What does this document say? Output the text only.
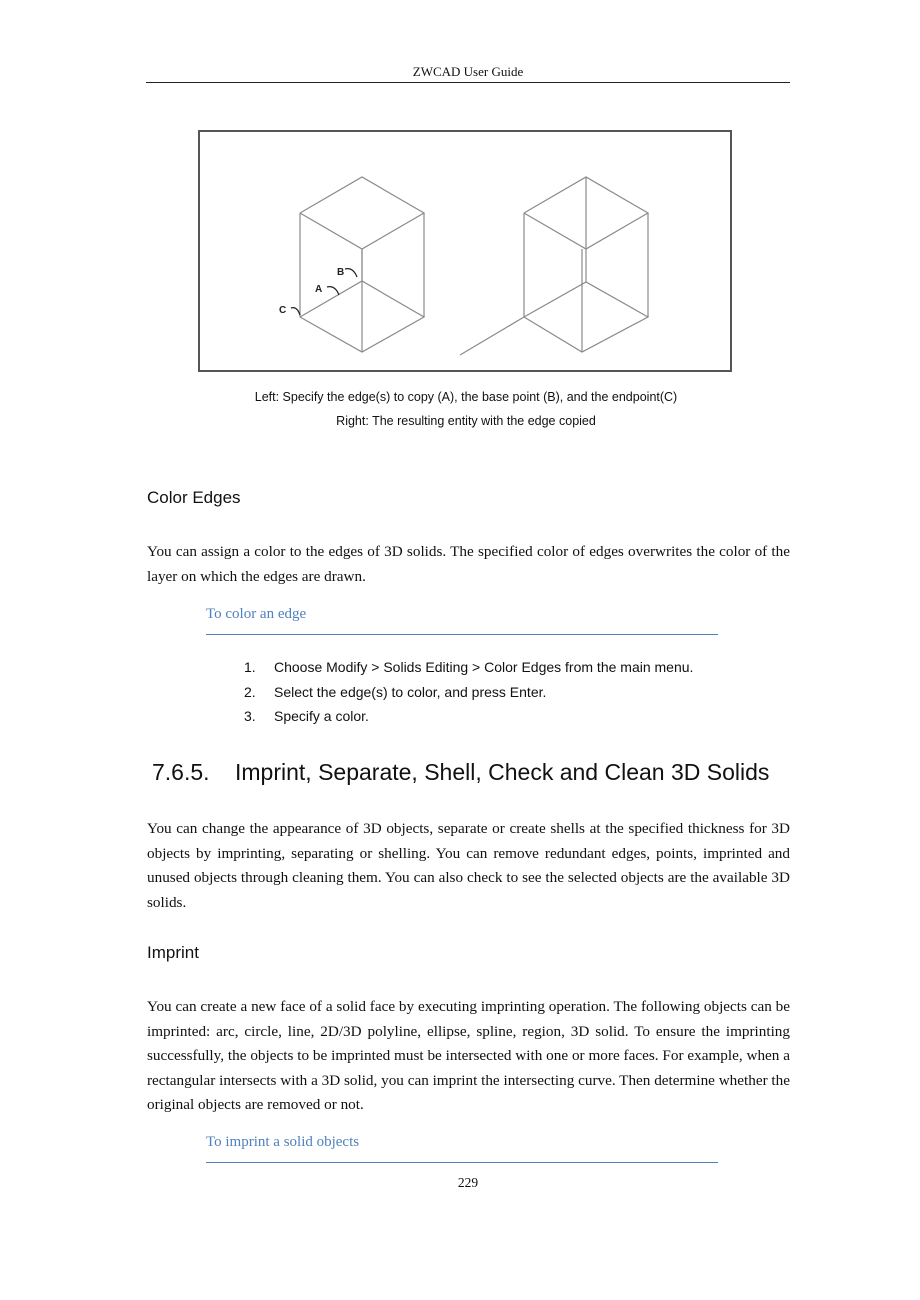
ZWCAD User Guide
B
A
C
Left: Specify the edge(s) to copy (A), the base point (B), and the endpoint(C)
Right: The resulting entity with the edge copied
Color Edges
You can assign a color to the edges of 3D solids. The specified color of edges overwrites the color of the layer on which the edges are drawn.
To color an edge
1.	Choose Modify > Solids Editing > Color Edges from the main menu.
2.	Select the edge(s) to color, and press Enter.
3.	Specify a color.
7.6.5.	Imprint, Separate, Shell, Check and Clean 3D Solids
You can change the appearance of 3D objects, separate or create shells at the specified thickness for 3D objects by imprinting, separating or shelling. You can remove redundant edges, points, imprinted and unused objects through cleaning them. You can also check to see the selected objects are the available 3D solids.
Imprint
You can create a new face of a solid face by executing imprinting operation. The following objects can be imprinted: arc, circle, line, 2D/3D polyline, ellipse, spline, region, 3D solid. To ensure the imprinting successfully, the objects to be imprinted must be intersected with one or more faces. For example, when a rectangular intersects with a 3D solid, you can imprint the intersecting curve. Then determine whether the original objects are removed or not.
To imprint a solid objects
229
